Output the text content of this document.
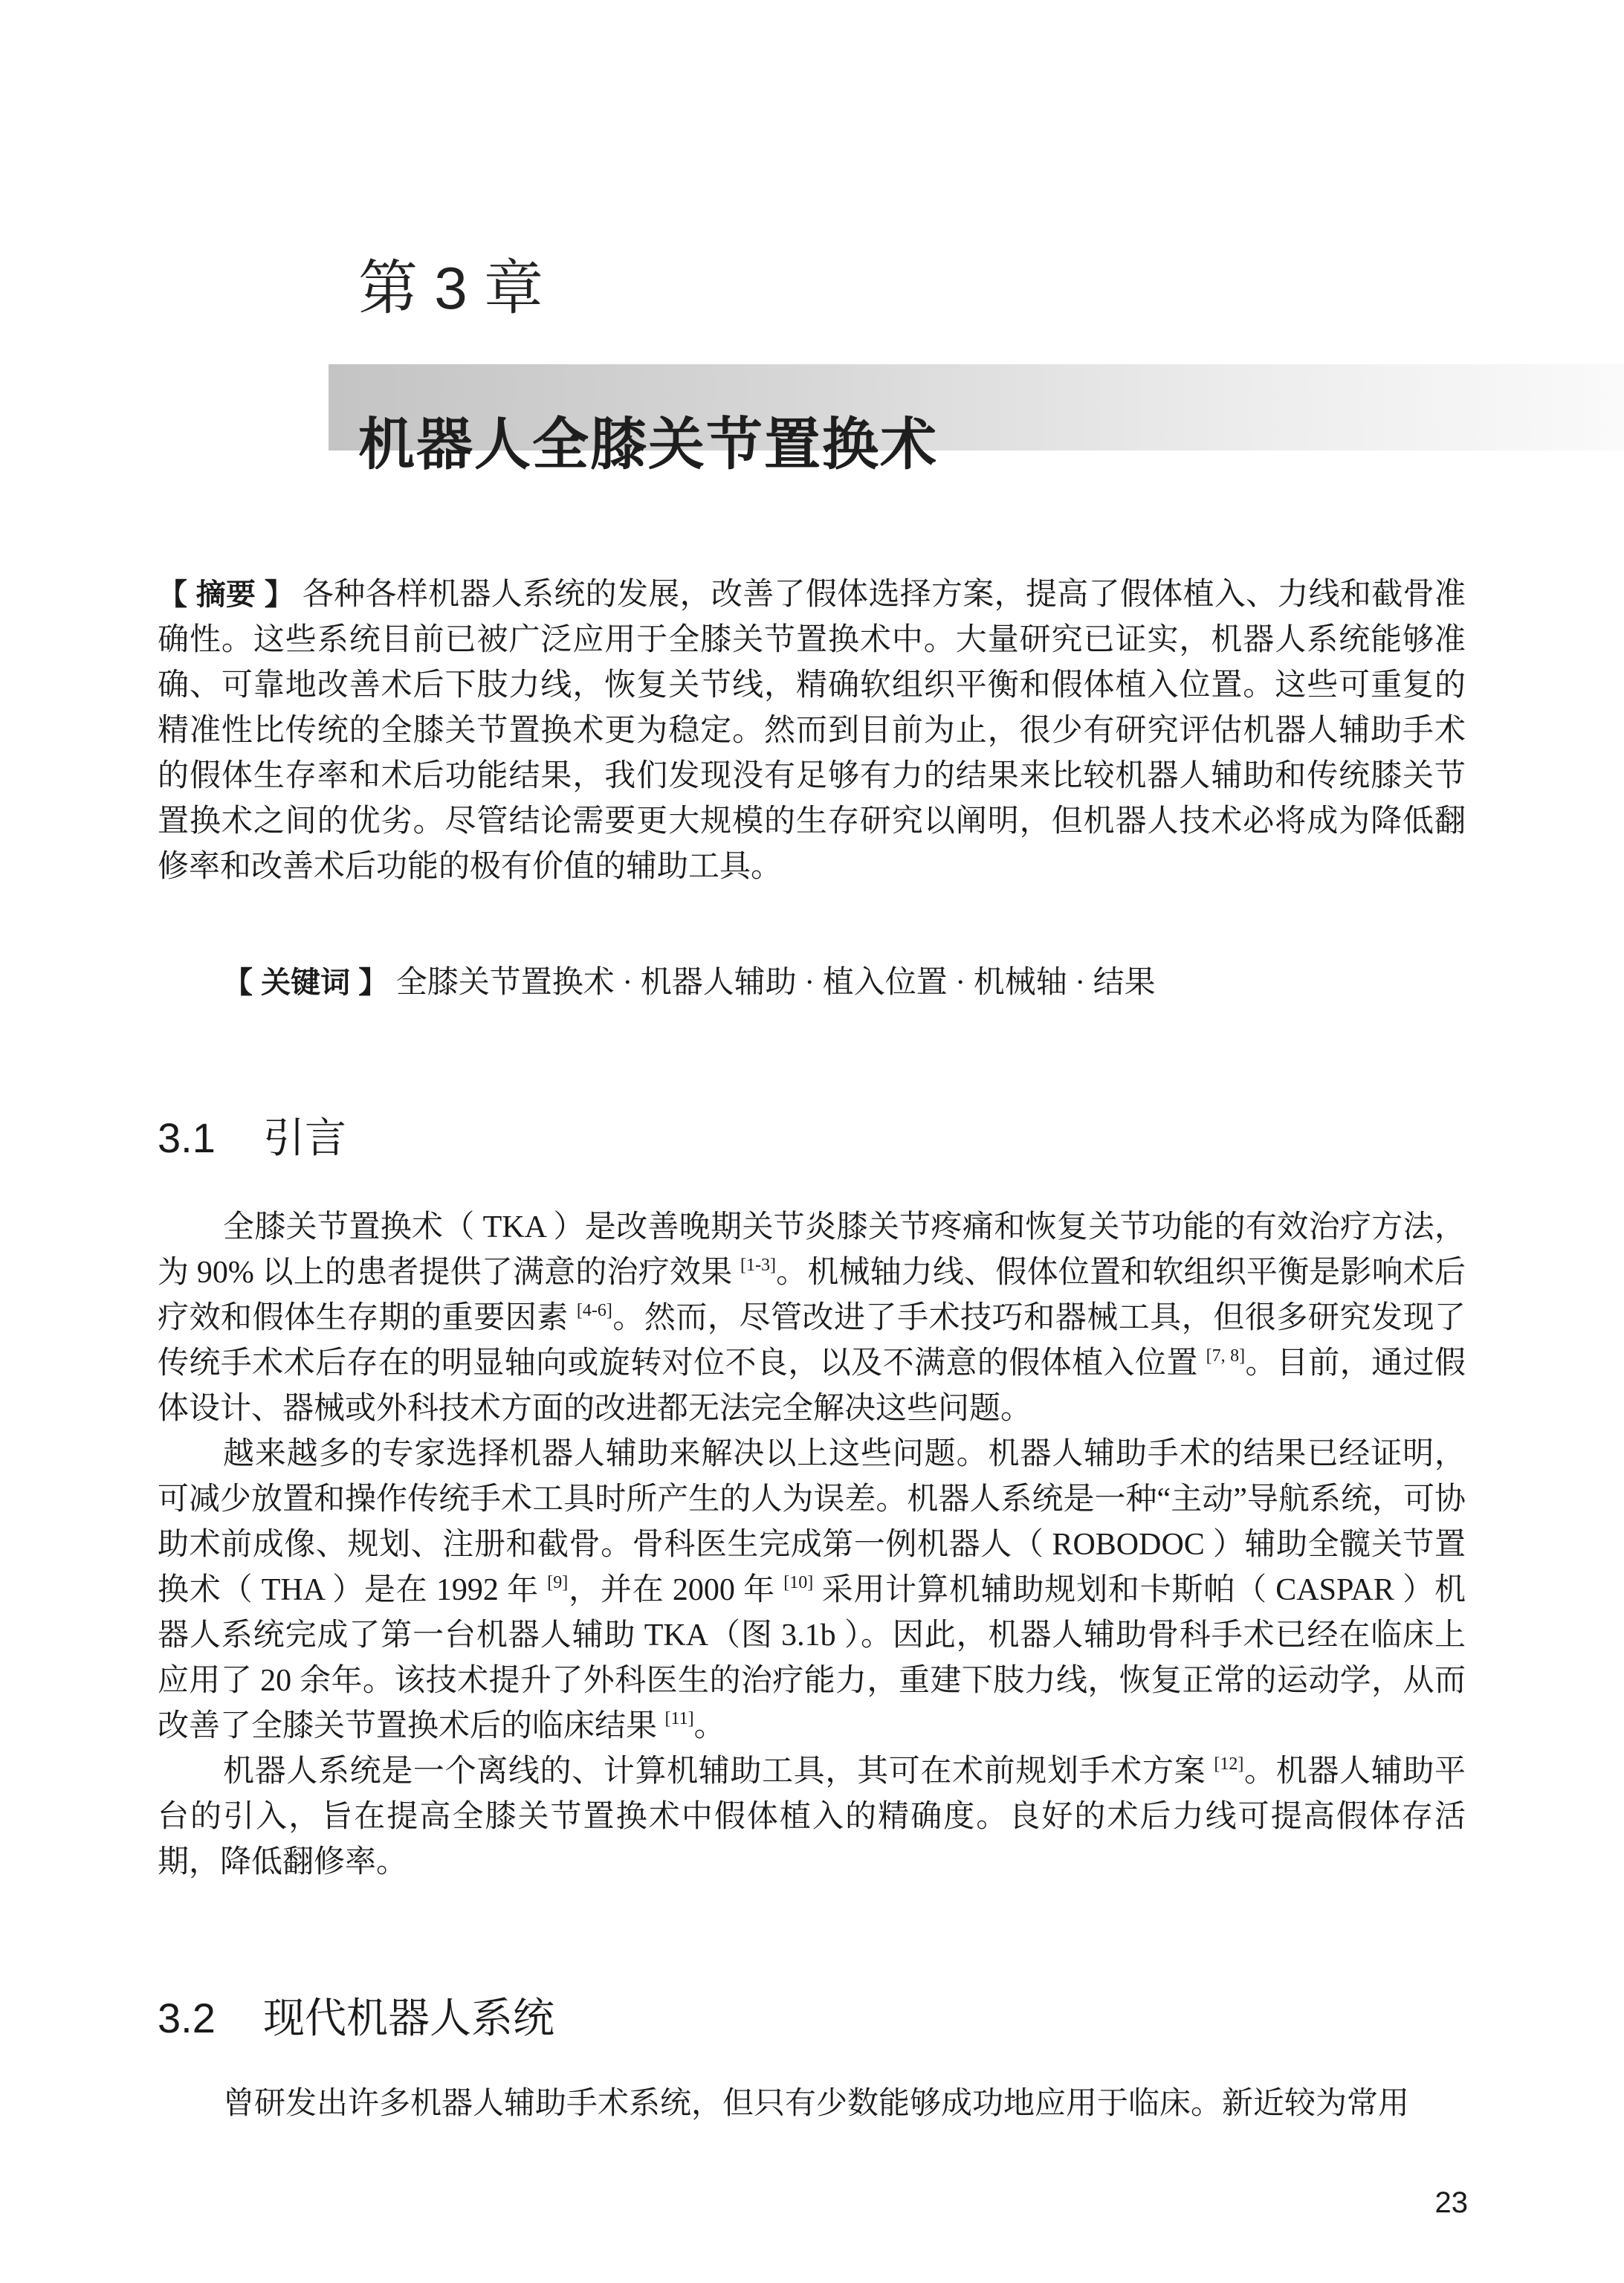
第 3 章
机器人全膝关节置换术

【 摘要 】 各种各样机器人系统的发展，改善了假体选择方案，提高了假体植入、力线和截骨准确性。这些系统目前已被广泛应用于全膝关节置换术中。大量研究已证实，机器人系统能够准确、可靠地改善术后下肢力线，恢复关节线，精确软组织平衡和假体植入位置。这些可重复的精准性比传统的全膝关节置换术更为稳定。然而到目前为止，很少有研究评估机器人辅助手术的假体生存率和术后功能结果，我们发现没有足够有力的结果来比较机器人辅助和传统膝关节置换术之间的优劣。尽管结论需要更大规模的生存研究以阐明，但机器人技术必将成为降低翻修率和改善术后功能的极有价值的辅助工具。

【 关键词 】 全膝关节置换术 · 机器人辅助 · 植入位置 · 机械轴 · 结果

3.1 引言

全膝关节置换术（ TKA ）是改善晚期关节炎膝关节疼痛和恢复关节功能的有效治疗方法，为 90% 以上的患者提供了满意的治疗效果 [1-3]。机械轴力线、假体位置和软组织平衡是影响术后疗效和假体生存期的重要因素 [4-6]。然而，尽管改进了手术技巧和器械工具，但很多研究发现了传统手术术后存在的明显轴向或旋转对位不良，以及不满意的假体植入位置 [7, 8]。目前，通过假体设计、器械或外科技术方面的改进都无法完全解决这些问题。

越来越多的专家选择机器人辅助来解决以上这些问题。机器人辅助手术的结果已经证明，可减少放置和操作传统手术工具时所产生的人为误差。机器人系统是一种“主动”导航系统，可协助术前成像、规划、注册和截骨。骨科医生完成第一例机器人（ ROBODOC ）辅助全髋关节置换术（ THA ）是在 1992 年 [9]，并在 2000 年 [10] 采用计算机辅助规划和卡斯帕（ CASPAR ）机器人系统完成了第一台机器人辅助 TKA（图 3.1b ）。因此，机器人辅助骨科手术已经在临床上应用了 20 余年。该技术提升了外科医生的治疗能力，重建下肢力线，恢复正常的运动学，从而改善了全膝关节置换术后的临床结果 [11]。

机器人系统是一个离线的、计算机辅助工具，其可在术前规划手术方案 [12]。机器人辅助平台的引入，旨在提高全膝关节置换术中假体植入的精确度。良好的术后力线可提高假体存活期，降低翻修率。

3.2 现代机器人系统

曾研发出许多机器人辅助手术系统，但只有少数能够成功地应用于临床。新近较为常用

23
